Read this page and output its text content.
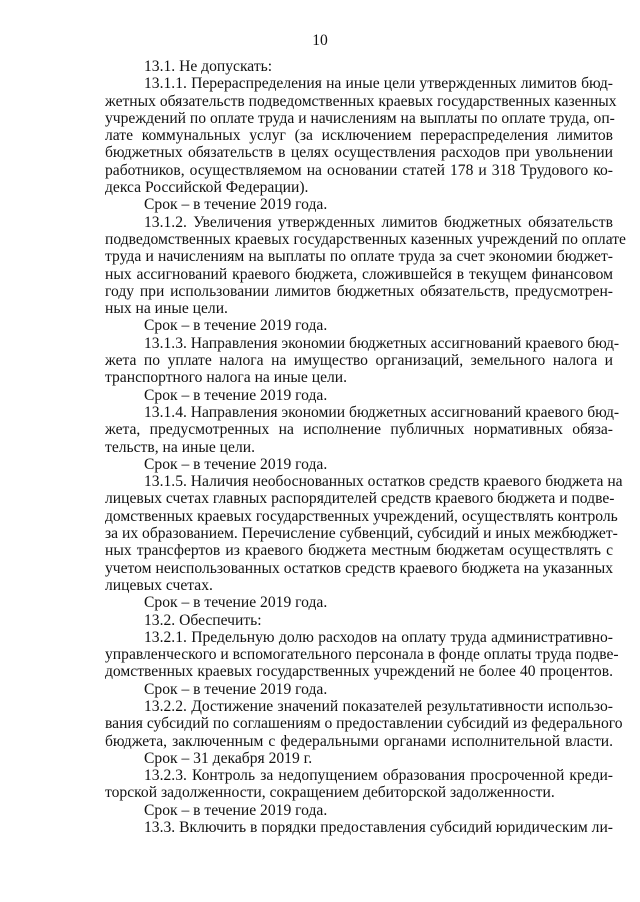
10
13.1. Не допускать:
13.1.1. Перераспределения на иные цели утвержденных лимитов бюд-
жетных обязательств подведомственных краевых государственных казенных
учреждений по оплате труда и начислениям на выплаты по оплате труда, оп-
лате коммунальных услуг (за исключением перераспределения лимитов
бюджетных обязательств в целях осуществления расходов при увольнении
работников, осуществляемом на основании статей 178 и 318 Трудового ко-
декса Российской Федерации).
Срок – в течение 2019 года.
13.1.2. Увеличения утвержденных лимитов бюджетных обязательств
подведомственных краевых государственных казенных учреждений по оплате
труда и начислениям на выплаты по оплате труда за счет экономии бюджет-
ных ассигнований краевого бюджета, сложившейся в текущем финансовом
году при использовании лимитов бюджетных обязательств, предусмотрен-
ных на иные цели.
Срок – в течение 2019 года.
13.1.3. Направления экономии бюджетных ассигнований краевого бюд-
жета по уплате налога на имущество организаций, земельного налога и
транспортного налога на иные цели.
Срок – в течение 2019 года.
13.1.4. Направления экономии бюджетных ассигнований краевого бюд-
жета, предусмотренных на исполнение публичных нормативных обяза-
тельств, на иные цели.
Срок – в течение 2019 года.
13.1.5. Наличия необоснованных остатков средств краевого бюджета на
лицевых счетах главных распорядителей средств краевого бюджета и подве-
домственных краевых государственных учреждений, осуществлять контроль
за их образованием. Перечисление субвенций, субсидий и иных межбюджет-
ных трансфертов из краевого бюджета местным бюджетам осуществлять с
учетом неиспользованных остатков средств краевого бюджета на указанных
лицевых счетах.
Срок – в течение 2019 года.
13.2. Обеспечить:
13.2.1. Предельную долю расходов на оплату труда административно-
управленческого и вспомогательного персонала в фонде оплаты труда подве-
домственных краевых государственных учреждений не более 40 процентов.
Срок – в течение 2019 года.
13.2.2. Достижение значений показателей результативности использо-
вания субсидий по соглашениям о предоставлении субсидий из федерального
бюджета, заключенным с федеральными органами исполнительной власти.
Срок – 31 декабря 2019 г.
13.2.3. Контроль за недопущением образования просроченной креди-
торской задолженности, сокращением дебиторской задолженности.
Срок – в течение 2019 года.
13.3. Включить в порядки предоставления субсидий юридическим ли-
